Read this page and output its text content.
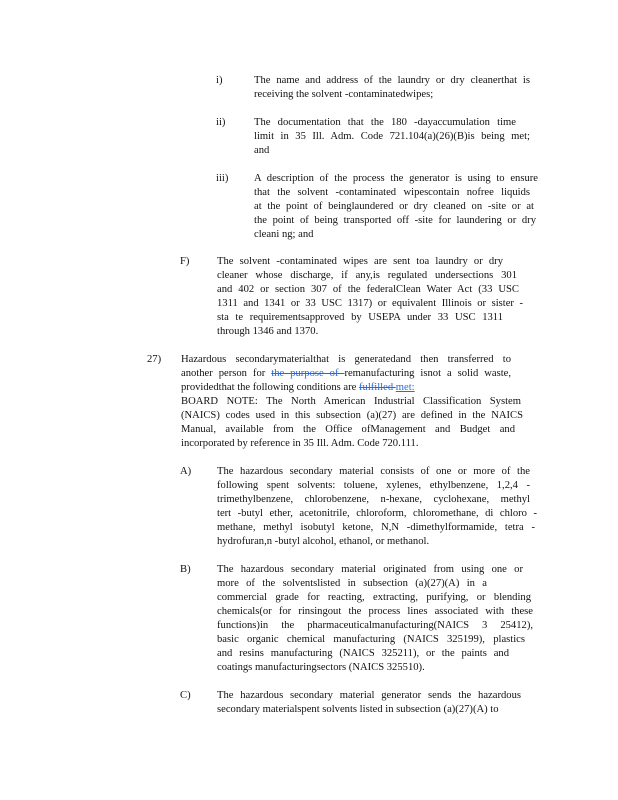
i)	The name and address of the laundry or dry cleanerthat is
receiving the solvent -contaminatedwipes;
ii)	The documentation that the 180 -dayaccumulation time
limit in 35 Ill. Adm. Code 721.104(a)(26)(B)is being met;
and
iii) A description of the process the generator is using to ensure
that the solvent -contaminated wipescontain nofree liquids
at the point of beinglaundered or dry cleaned on -site or at
the point of being transported off -site for laundering or dry
cleani ng; and
F)	The solvent -contaminated wipes are sent toa laundry or dry
cleaner whose discharge, if any,is regulated undersections 301
and 402 or section 307 of the federalClean Water Act (33 USC
1311 and 1341 or 33 USC 1317) or equivalent Illinois or sister -
sta te requirementsapproved by USEPA under 33 USC 1311
through 1346 and 1370.
27) Hazardous secondarymaterialthat is generatedand then transferred to
another person for the purpose of remanufacturing isnot a solid waste,
providedthat the following conditions are fulfilled met:
BOARD NOTE: The North American Industrial Classification System
(NAICS) codes used in this subsection (a)(27) are defined in the NAICS
Manual, available from the Office ofManagement and Budget and
incorporated by reference in 35 Ill. Adm. Code 720.111.
A) The hazardous secondary material consists of one or more of the
following spent solvents: toluene, xylenes, ethylbenzene, 1,2,4 -
trimethylbenzene, chlorobenzene, n-hexane, cyclohexane, methyl
tert -butyl ether, acetonitrile, chloroform, chloromethane, di chloro -
methane, methyl isobutyl ketone, N,N -dimethylformamide, tetra -
hydrofuran,n -butyl alcohol, ethanol, or methanol.
B) The hazardous secondary material originated from using one or
more of the solventslisted in subsection (a)(27)(A) in a
commercial grade for reacting, extracting, purifying, or blending
chemicals(or for rinsingout the process lines associated with these
functions)in the pharmaceuticalmanufacturing(NAICS 3 25412),
basic organic chemical manufacturing (NAICS 325199), plastics
and resins manufacturing (NAICS 325211), or the paints and
coatings manufacturingsectors (NAICS 325510).
C) The hazardous secondary material generator sends the hazardous
secondary materialspent solvents listed in subsection (a)(27)(A) to
